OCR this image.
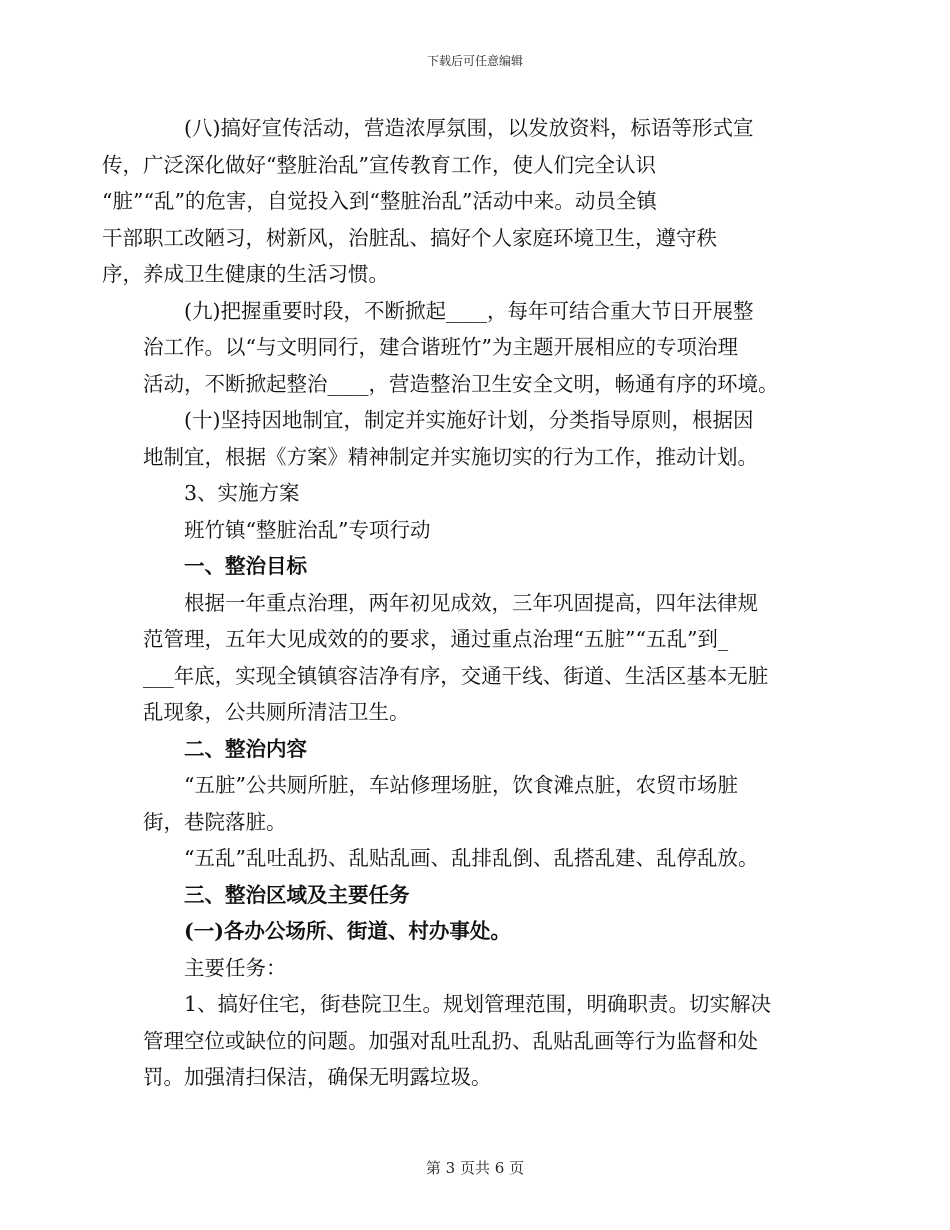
下载后可任意编辑
(八)搞好宣传活动，营造浓厚氛围，以发放资料，标语等形式宣
传，广泛深化做好“整脏治乱”宣传教育工作，使人们完全认识
“脏”“乱”的危害，自觉投入到“整脏治乱”活动中来。动员全镇
干部职工改陋习，树新风，治脏乱、搞好个人家庭环境卫生，遵守秩
序，养成卫生健康的生活习惯。
(九)把握重要时段，不断掀起____，每年可结合重大节日开展整
治工作。以“与文明同行，建合谐班竹”为主题开展相应的专项治理
活动，不断掀起整治____，营造整治卫生安全文明，畅通有序的环境。
(十)坚持因地制宜，制定并实施好计划，分类指导原则，根据因
地制宜，根据《方案》精神制定并实施切实的行为工作，推动计划。
3、实施方案
班竹镇“整脏治乱”专项行动
一、整治目标
根据一年重点治理，两年初见成效，三年巩固提高，四年法律规
范管理，五年大见成效的的要求，通过重点治理“五脏”“五乱”到_
___年底，实现全镇镇容洁净有序，交通干线、街道、生活区基本无脏
乱现象，公共厕所清洁卫生。
二、整治内容
“五脏”公共厕所脏，车站修理场脏，饮食滩点脏，农贸市场脏
街，巷院落脏。
“五乱”乱吐乱扔、乱贴乱画、乱排乱倒、乱搭乱建、乱停乱放。
三、整治区域及主要任务
(一)各办公场所、街道、村办事处。
主要任务：
1、搞好住宅，街巷院卫生。规划管理范围，明确职责。切实解决
管理空位或缺位的问题。加强对乱吐乱扔、乱贴乱画等行为监督和处
罚。加强清扫保洁，确保无明露垃圾。
第 3 页共 6 页
